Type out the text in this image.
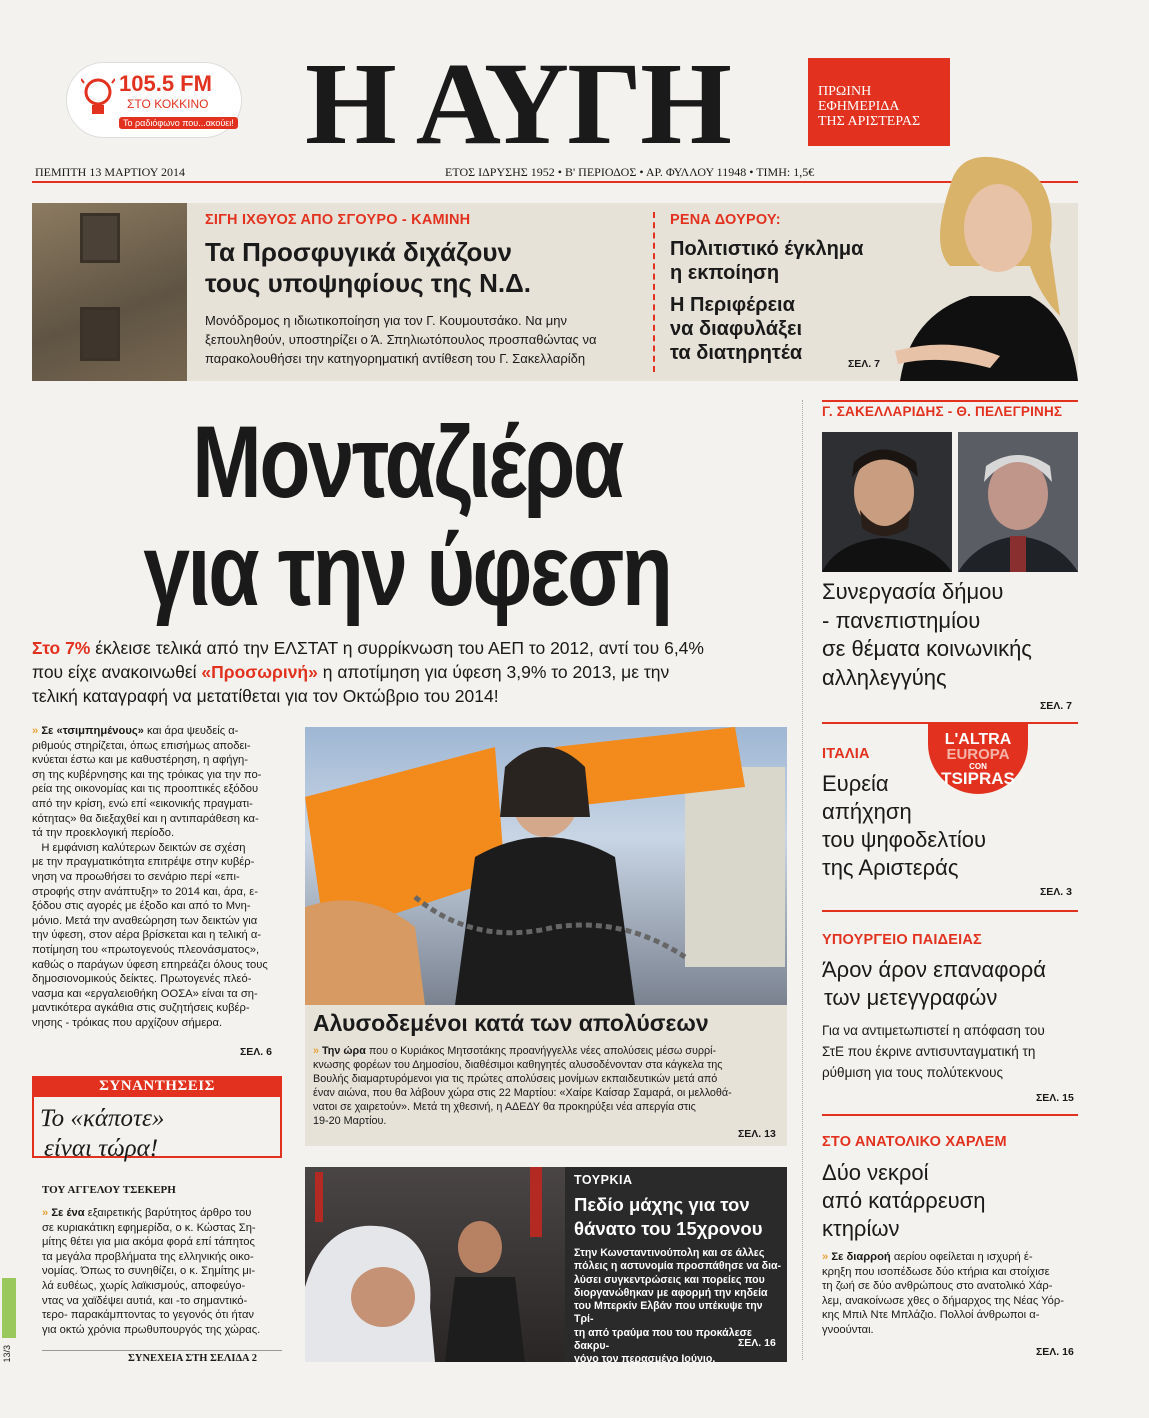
105.5 FM
ΣΤΟ ΚΟΚΚΙΝΟ
Το ραδιόφωνο που...ακούει! Η ΑΥΓΗ	ΠΡΩΙΝΗ
ΕΦΗΜΕΡΙΔΑ
ΤΗΣ ΑΡΙΣΤΕΡΑΣ
ΠΕΜΠΤΗ 13 ΜΑΡΤΙΟΥ 2014	ΕΤΟΣ ΙΔΡΥΣΗΣ 1952 • Β' ΠΕΡΙΟΔΟΣ • ΑΡ. ΦΥΛΛΟΥ 11948 • ΤΙΜΗ: 1,5€
ΣΙΓΗ ΙΧΘΥΟΣ ΑΠΟ ΣΓΟΥΡΟ - ΚΑΜΙΝΗ
Τα Προσφυγικά διχάζουν
τους υποψηφίους της Ν.Δ.
Μονόδρομος η ιδιωτικοποίηση για τον Γ. Κουμουτσάκο. Να μην
ξεπουληθούν, υποστηρίζει ο Ά. Σπηλιωτόπουλος προσπαθώντας να
παρακολουθήσει την κατηγορηματική αντίθεση του Γ. Σακελλαρίδη
ΡΕΝΑ ΔΟΥΡΟΥ:
Πολιτιστικό έγκλημα
η εκποίηση
Η Περιφέρεια
να διαφυλάξει
τα διατηρητέα	ΣΕΛ. 7
Μονταζιέρα
για την ύφεση
Στο 7% έκλεισε τελικά από την ΕΛΣΤΑΤ η συρρίκνωση του ΑΕΠ το 2012, αντί του 6,4%
που είχε ανακοινωθεί «Προσωρινή» η αποτίμηση για ύφεση 3,9% το 2013, με την
τελική καταγραφή να μετατίθεται για τον Οκτώβριο του 2014!
» Σε «τσιμπημένους» και άρα ψευδείς α-
ριθμούς στηρίζεται, όπως επισήμως αποδει-
κνύεται έστω και με καθυστέρηση, η αφήγη-
ση της κυβέρνησης και της τρόικας για την πο-
ρεία της οικονομίας και τις προοπτικές εξόδου
από την κρίση, ενώ επί «εικονικής πραγματι-
κότητας» θα διεξαχθεί και η αντιπαράθεση κα-
τά την προεκλογική περίοδο.
Η εμφάνιση καλύτερων δεικτών σε σχέση
με την πραγματικότητα επιτρέψε στην κυβέρ-
νηση να προωθήσει το σενάριο περί «επι-
στροφής στην ανάπτυξη» το 2014 και, άρα, ε-
ξόδου στις αγορές με έξοδο και από το Μνη-
μόνιο. Μετά την αναθεώρηση των δεικτών για
την ύφεση, στον αέρα βρίσκεται και η τελική α-
ποτίμηση του «πρωτογενούς πλεονάσματος»,
καθώς ο παράγων ύφεση επηρεάζει όλους τους
δημοσιονομικούς δείκτες. Πρωτογενές πλεό-
νασμα και «εργαλειοθήκη ΟΟΣΑ» είναι τα ση-
μαντικότερα αγκάθια στις συζητήσεις κυβέρ-
νησης - τρόικας που αρχίζουν σήμερα.
ΣΕΛ. 6
Αλυσοδεμένοι κατά των απολύσεων
» Την ώρα που ο Κυριάκος Μητσοτάκης προανήγγελλε νέες απολύσεις μέσω συρρί-
κνωσης φορέων του Δημοσίου, διαθέσιμοι καθηγητές αλυσοδένονταν στα κάγκελα της
Βουλής διαμαρτυρόμενοι για τις πρώτες απολύσεις μονίμων εκπαιδευτικών μετά από
έναν αιώνα, που θα λάβουν χώρα στις 22 Μαρτίου: «Χαίρε Καίσαρ Σαμαρά, οι μελλοθά-
νατοι σε χαιρετούν». Μετά τη χθεσινή, η ΑΔΕΔΥ θα προκηρύξει νέα απεργία στις
19-20 Μαρτίου.
ΣΕΛ. 13
ΣΥΝΑΝΤΗΣΕΙΣ
Το «κάποτε»
είναι τώρα!
ΤΟΥ ΑΓΓΕΛΟΥ ΤΣΕΚΕΡΗ
» Σε ένα εξαιρετικής βαρύτητος άρθρο του
σε κυριακάτικη εφημερίδα, ο κ. Κώστας Ση-
μίτης θέτει για μια ακόμα φορά επί τάπητος
τα μεγάλα προβλήματα της ελληνικής οικο-
νομίας. Όπως το συνηθίζει, ο κ. Σημίτης μι-
λά ευθέως, χωρίς λαϊκισμούς, αποφεύγο-
ντας να χαϊδέψει αυτιά, και -το σημαντικό-
τερο- παρακάμπτοντας το γεγονός ότι ήταν
για οκτώ χρόνια πρωθυπουργός της χώρας.
ΣΥΝΕΧΕΙΑ ΣΤΗ ΣΕΛΙΔΑ 2
13/3
ΤΟΥΡΚΙΑ
Πεδίο μάχης για τον
θάνατο του 15χρονου
Στην Κωνσταντινούπολη και σε άλλες
πόλεις η αστυνομία προσπάθησε να δια-
λύσει συγκεντρώσεις και πορείες που
διοργανώθηκαν με αφορμή την κηδεία
του Μπερκίν Ελβάν που υπέκυψε την Τρί-
τη από τραύμα που του προκάλεσε δακρυ-
γόνο τον περασμένο Ιούνιο.
ΣΕΛ. 16
Γ. ΣΑΚΕΛΛΑΡΙΔΗΣ - Θ. ΠΕΛΕΓΡΙΝΗΣ
Συνεργασία δήμου
- πανεπιστημίου
σε θέματα κοινωνικής
αλληλεγγύης
ΣΕΛ. 7
ΙΤΑΛΙΑ
L'ALTRA
EUROPA
CON
TSIPRAS
Ευρεία
απήχηση
του ψηφοδελτίου
της Αριστεράς
ΣΕΛ. 3
ΥΠΟΥΡΓΕΙΟ ΠΑΙΔΕΙΑΣ
Άρον άρον επαναφορά
των μετεγγραφών
Για να αντιμετωπιστεί η απόφαση του
ΣτΕ που έκρινε αντισυνταγματική τη
ρύθμιση για τους πολύτεκνους
ΣΕΛ. 15
ΣΤΟ ΑΝΑΤΟΛΙΚΟ ΧΑΡΛΕΜ
Δύο νεκροί
από κατάρρευση
κτηρίων
» Σε διαρροή αερίου οφείλεται η ισχυρή έ-
κρηξη που ισοπέδωσε δύο κτήρια και στοίχισε
τη ζωή σε δύο ανθρώπους στο ανατολικό Χάρ-
λεμ, ανακοίνωσε χθες ο δήμαρχος της Νέας Υόρ-
κης Μπιλ Ντε Μπλάζιο. Πολλοί άνθρωποι α-
γνοούνται.
ΣΕΛ. 16
